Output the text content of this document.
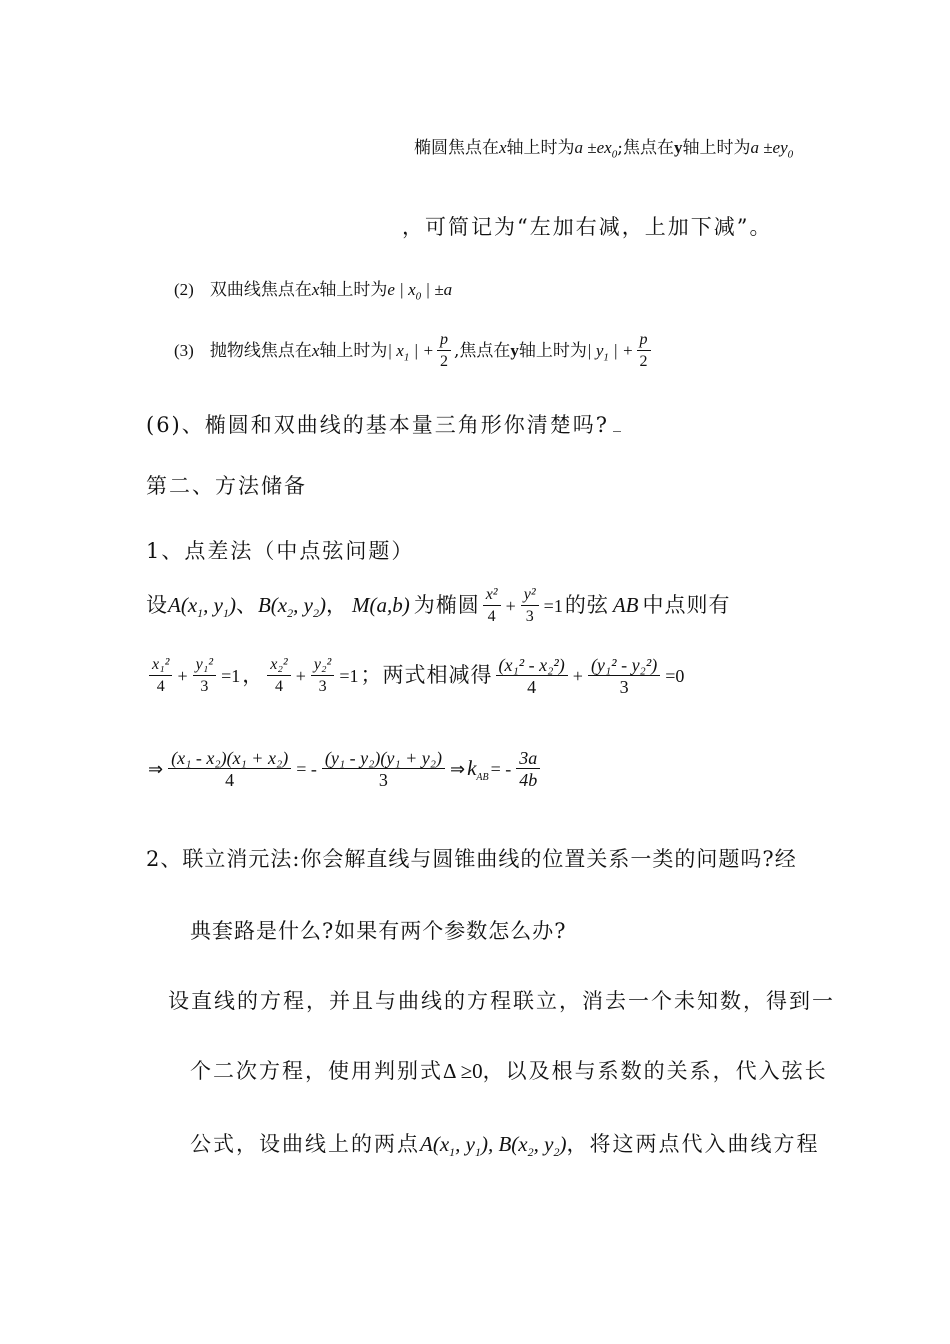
椭圆焦点在x轴上时为$a \pm ex_0$;焦点在y轴上时为$a \pm ey_0$
，可简记为“左加右减，上加下减”。
(2) 双曲线焦点在x轴上时为e | $x_0$ | ±a
(3) 抛物线焦点在x轴上时为| $x_1$ | + $\frac{p}{2}$ ,焦点在y轴上时为| $y_1$ | + $\frac{p}{2}$
(6)、椭圆和双曲线的基本量三角形你清楚吗?
第二、方法储备
1、点差法（中点弦问题）
设$A(x_1$, $y_1$)、$B(x_2$, $y_2$)， M(a,b) 为椭圆 $\frac{\text{x²}}{4} + \frac{\text{y²}}{3} =1$的弦 AB 中点则有
$\frac{\text{x₁²}}{4} + \frac{\text{y₁²}}{3} =1$， $\frac{\text{x₂²}}{4} + \frac{\text{y₂²}}{3} =1$；两式相减得 $\frac{\text{(x₁² - x₂²)}}{4} + \frac{\text{(y₁² - y₂²)}}{3} =0$
⇒ $\frac{\text{(x₁ - x₂)(x₁ + x₂)}}{4}$ = - $\frac{\text{(y₁ - y₂)(y₁ + y₂)}}{3}$ $\Rightarrow k_{AB}$ = - $\frac{3a}{4b}$
2、联立消元法:你会解直线与圆锥曲线的位置关系一类的问题吗?经
典套路是什么?如果有两个参数怎么办?
设直线的方程，并且与曲线的方程联立，消去一个未知数，得到一
个二次方程，使用判别式Δ ≥0，以及根与系数的关系，代入弦长
公式，设曲线上的两点$A(x_1$, $y_1$), $B(x_2$, $y_2$)，将这两点代入曲线方程
